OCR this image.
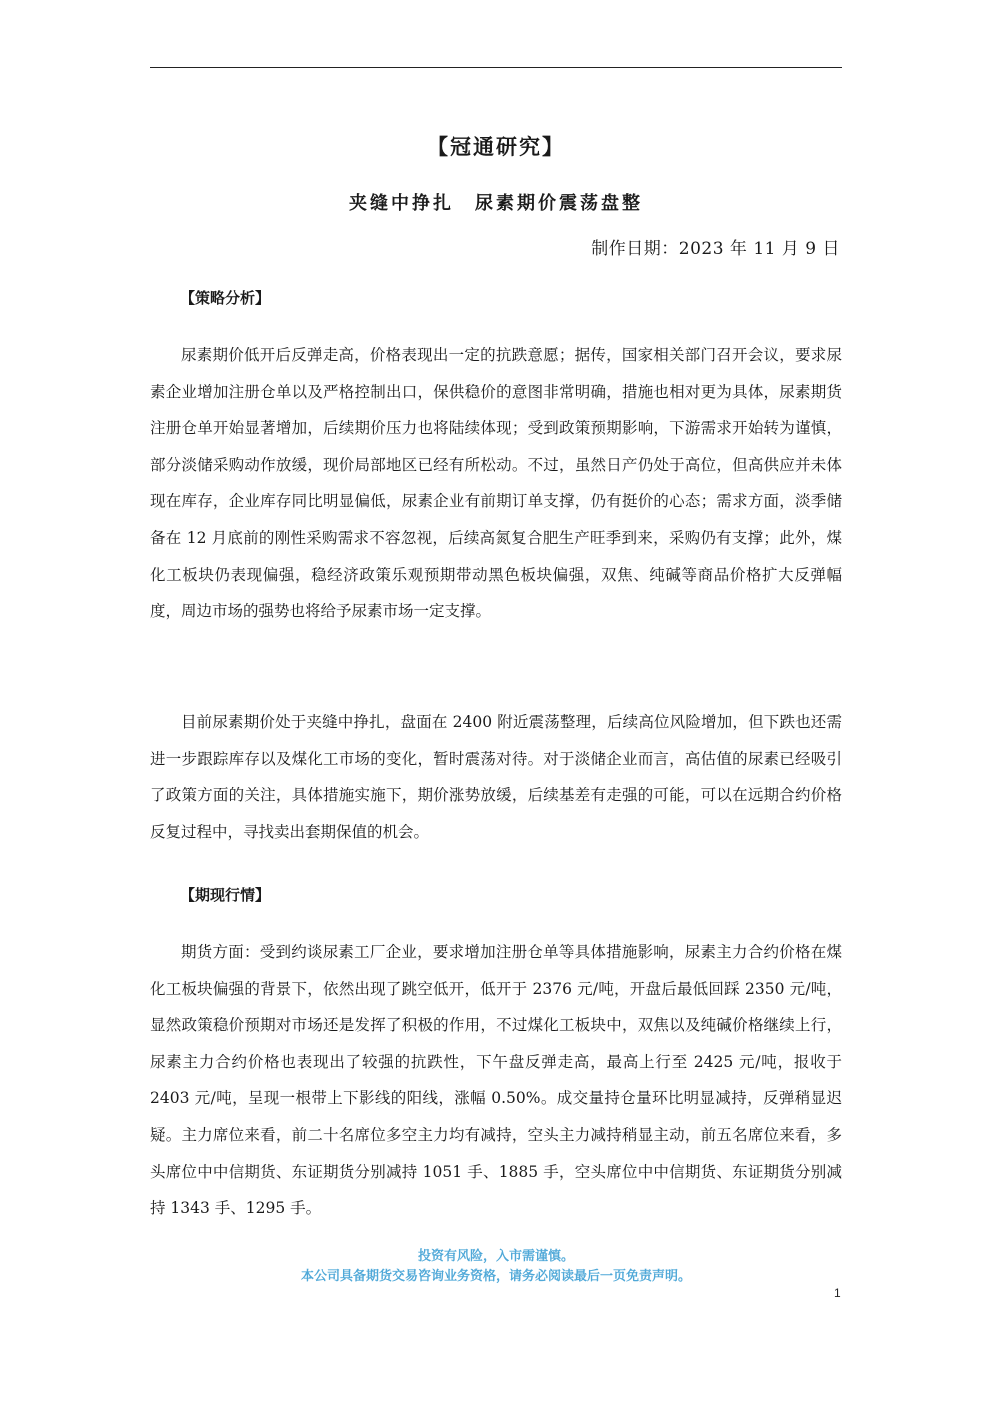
【冠通研究】
夹缝中挣扎　尿素期价震荡盘整
制作日期：2023 年 11 月 9 日
【策略分析】

尿素期价低开后反弹走高，价格表现出一定的抗跌意愿；据传，国家相关部门召开会议，要求尿素企业增加注册仓单以及严格控制出口，保供稳价的意图非常明确，措施也相对更为具体，尿素期货注册仓单开始显著增加，后续期价压力也将陆续体现；受到政策预期影响，下游需求开始转为谨慎，部分淡储采购动作放缓，现价局部地区已经有所松动。不过，虽然日产仍处于高位，但高供应并未体现在库存，企业库存同比明显偏低，尿素企业有前期订单支撑，仍有挺价的心态；需求方面，淡季储备在 12 月底前的刚性采购需求不容忽视，后续高氮复合肥生产旺季到来，采购仍有支撑；此外，煤化工板块仍表现偏强，稳经济政策乐观预期带动黑色板块偏强，双焦、纯碱等商品价格扩大反弹幅度，周边市场的强势也将给予尿素市场一定支撑。

目前尿素期价处于夹缝中挣扎，盘面在 2400 附近震荡整理，后续高位风险增加，但下跌也还需进一步跟踪库存以及煤化工市场的变化，暂时震荡对待。对于淡储企业而言，高估值的尿素已经吸引了政策方面的关注，具体措施实施下，期价涨势放缓，后续基差有走强的可能，可以在远期合约价格反复过程中，寻找卖出套期保值的机会。

【期现行情】

期货方面：受到约谈尿素工厂企业，要求增加注册仓单等具体措施影响，尿素主力合约价格在煤化工板块偏强的背景下，依然出现了跳空低开，低开于 2376 元/吨，开盘后最低回踩 2350 元/吨，显然政策稳价预期对市场还是发挥了积极的作用，不过煤化工板块中，双焦以及纯碱价格继续上行，尿素主力合约价格也表现出了较强的抗跌性，下午盘反弹走高，最高上行至 2425 元/吨，报收于 2403 元/吨，呈现一根带上下影线的阳线，涨幅 0.50%。成交量持仓量环比明显减持，反弹稍显迟疑。主力席位来看，前二十名席位多空主力均有减持，空头主力减持稍显主动，前五名席位来看，多头席位中中信期货、东证期货分别减持 1051 手、1885 手，空头席位中中信期货、东证期货分别减持 1343 手、1295 手。

投资有风险，入市需谨慎。
本公司具备期货交易咨询业务资格，请务必阅读最后一页免责声明。
1
